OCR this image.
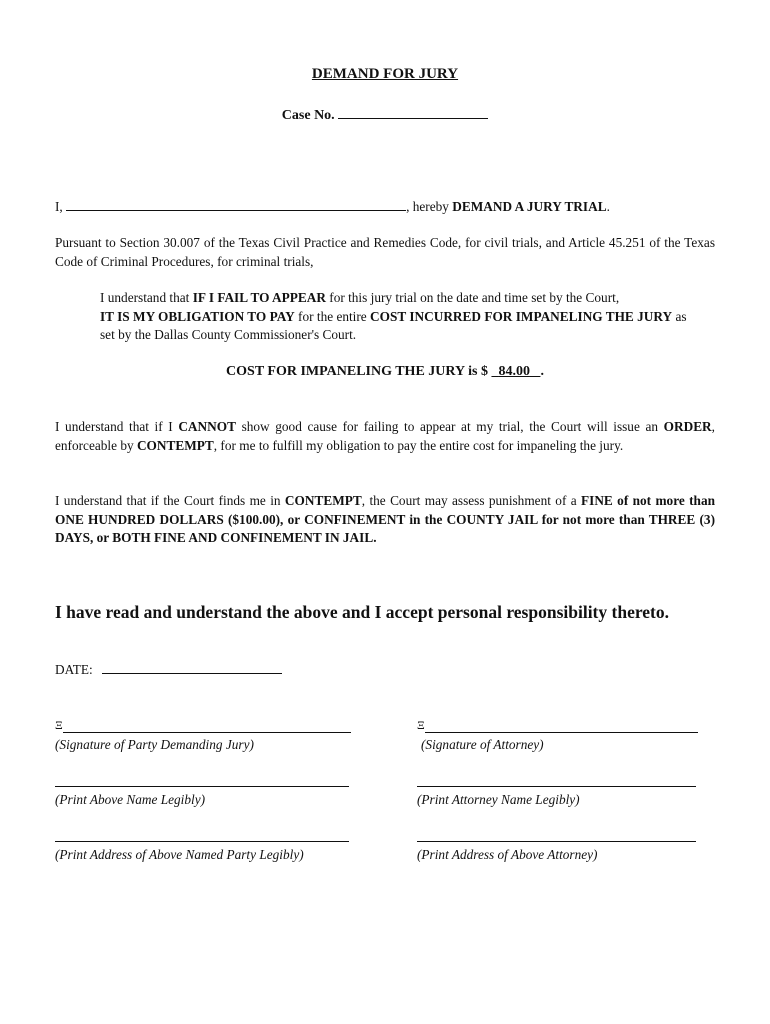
DEMAND FOR JURY
Case No.
I,	, hereby DEMAND A JURY TRIAL.
Pursuant to Section 30.007 of the Texas Civil Practice and Remedies Code, for civil trials, and Article 45.251 of the Texas Code of Criminal Procedures, for criminal trials,
I understand that IF I FAIL TO APPEAR for this jury trial on the date and time set by the Court,
IT IS MY OBLIGATION TO PAY for the entire COST INCURRED FOR IMPANELING THE JURY as set by the Dallas County Commissioner's Court.
COST FOR IMPANELING THE JURY is $ 84.00 .
I understand that if I CANNOT show good cause for failing to appear at my trial, the Court will issue an ORDER, enforceable by CONTEMPT, for me to fulfill my obligation to pay the entire cost for impaneling the jury.
I understand that if the Court finds me in CONTEMPT, the Court may assess punishment of a FINE of not more than ONE HUNDRED DOLLARS ($100.00), or CONFINEMENT in the COUNTY JAIL for not more than THREE (3) DAYS, or BOTH FINE AND CONFINEMENT IN JAIL.
I have read and understand the above and I accept personal responsibility thereto.
DATE:
Ξ
(Signature of Party Demanding Jury)
(Print Above Name Legibly)
(Print Address of Above Named Party Legibly)
Ξ
(Signature of Attorney)
(Print Attorney Name Legibly)
(Print Address of Above Attorney)
